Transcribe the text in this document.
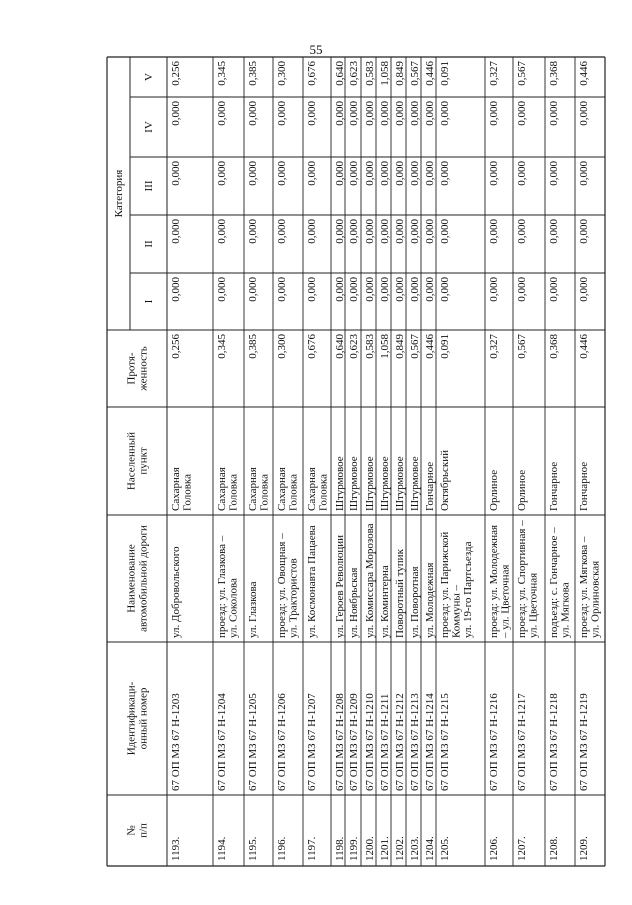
55
№ п/п
Идентификаци- онный номер
Наименование автомобильной дороги
Населенный пункт
Протя- женность
Категория
I
II
III
IV
V
1193.
67 ОП МЗ 67 Н-1203
ул. Добровольского
Сахарная Головка
0,256
0,000
0,000
0,000
0,000
0,256
1194.
67 ОП МЗ 67 Н-1204
проезд: ул. Глазкова – ул. Соколова
Сахарная Головка
0,345
0,000
0,000
0,000
0,000
0,345
1195.
67 ОП МЗ 67 Н-1205
ул. Глазкова
Сахарная Головка
0,385
0,000
0,000
0,000
0,000
0,385
1196.
67 ОП МЗ 67 Н-1206
проезд: ул. Овощная – ул. Трактористов
Сахарная Головка
0,300
0,000
0,000
0,000
0,000
0,300
1197.
67 ОП МЗ 67 Н-1207
ул. Космонавта Пацаева
Сахарная Головка
0,676
0,000
0,000
0,000
0,000
0,676
1198.
67 ОП МЗ 67 Н-1208
ул. Героев Революции
Штурмовое
0,640
0,000
0,000
0,000
0,000
0,640
1199.
67 ОП МЗ 67 Н-1209
ул. Ноябрьская
Штурмовое
0,623
0,000
0,000
0,000
0,000
0,623
1200.
67 ОП МЗ 67 Н-1210
ул. Комиссара Морозова
Штурмовое
0,583
0,000
0,000
0,000
0,000
0,583
1201.
67 ОП МЗ 67 Н-1211
ул. Коминтерна
Штурмовое
1,058
0,000
0,000
0,000
0,000
1,058
1202.
67 ОП МЗ 67 Н-1212
Поворотный тупик
Штурмовое
0,849
0,000
0,000
0,000
0,000
0,849
1203.
67 ОП МЗ 67 Н-1213
ул. Поворотная
Штурмовое
0,567
0,000
0,000
0,000
0,000
0,567
1204.
67 ОП МЗ 67 Н-1214
ул. Молодежная
Гончарное
0,446
0,000
0,000
0,000
0,000
0,446
1205.
67 ОП МЗ 67 Н-1215
проезд: ул. Парижской Коммуны – ул. 19-го Партсъезда
Октябрьский
0,091
0,000
0,000
0,000
0,000
0,091
1206.
67 ОП МЗ 67 Н-1216
проезд: ул. Молодежная – ул. Цветочная
Орлиное
0,327
0,000
0,000
0,000
0,000
0,327
1207.
67 ОП МЗ 67 Н-1217
проезд: ул. Спортивная – ул. Цветочная
Орлиное
0,567
0,000
0,000
0,000
0,000
0,567
1208.
67 ОП МЗ 67 Н-1218
подъезд: с. Гончарное – ул. Мягкова
Гончарное
0,368
0,000
0,000
0,000
0,000
0,368
1209.
67 ОП МЗ 67 Н-1219
проезд: ул. Мягкова – ул. Орлиновская
Гончарное
0,446
0,000
0,000
0,000
0,000
0,446
